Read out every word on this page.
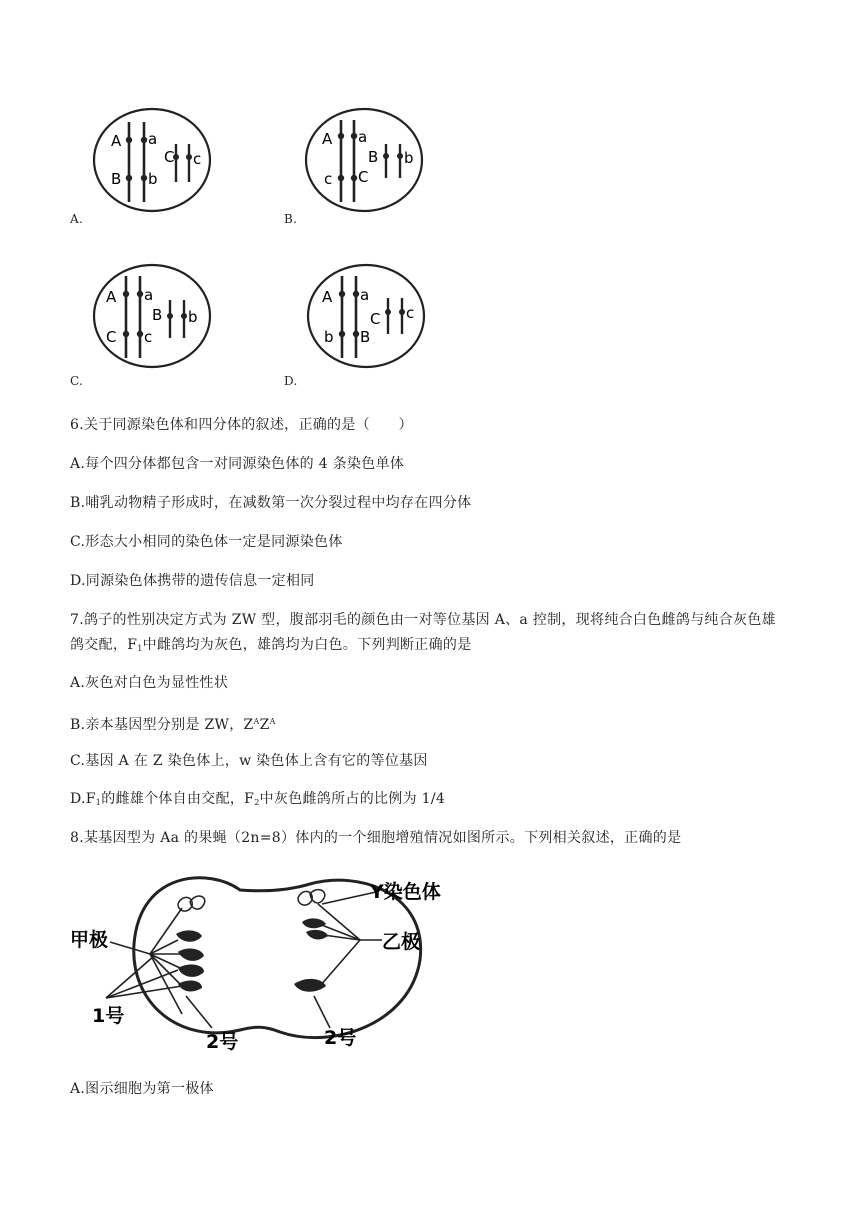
A a
B b
C c
A.
A a
c C
B b
B.
A a
C c
B b
C.
A a
b B
C c
D.
6.关于同源染色体和四分体的叙述，正确的是（　　）
A.每个四分体都包含一对同源染色体的 4 条染色单体
B.哺乳动物精子形成时，在减数第一次分裂过程中均存在四分体
C.形态大小相同的染色体一定是同源染色体
D.同源染色体携带的遗传信息一定相同
7.鸽子的性别决定方式为 ZW 型，腹部羽毛的颜色由一对等位基因 A、a 控制，现将纯合白色雌鸽与纯合灰色雄
鸽交配，$F_1$中雌鸽均为灰色，雄鸽均为白色。下列判断正确的是
A.灰色对白色为显性性状
B.亲本基因型分别是 ZW，$Z^AZ^A$
C.基因 A 在 Z 染色体上，w 染色体上含有它的等位基因
$D.F_1$的雌雄个体自由交配，$F_2$中灰色雌鸽所占的比例为 1/4
8.某基因型为 Aa 的果蝇（2n=8）体内的一个细胞增殖情况如图所示。下列相关叙述，正确的是
Y染色体
甲极	乙极
1号
2号	2号
A.图示细胞为第一极体
